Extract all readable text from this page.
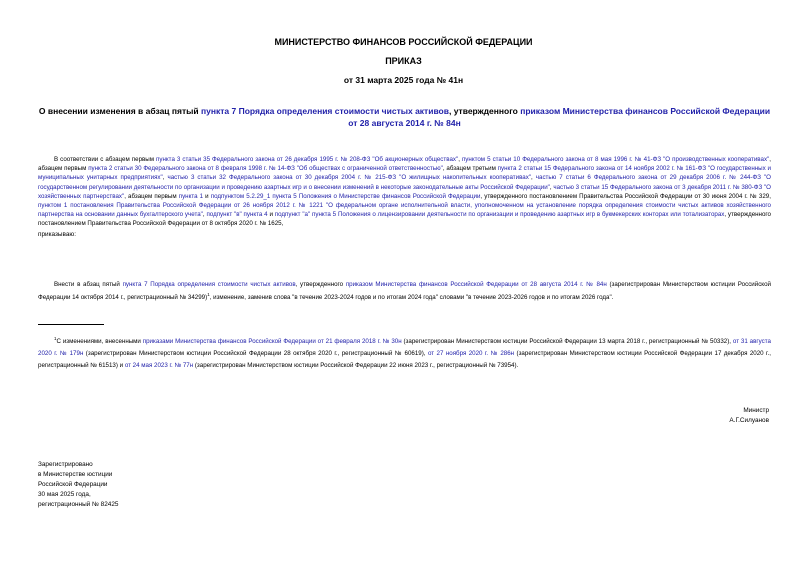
МИНИСТЕРСТВО ФИНАНСОВ РОССИЙСКОЙ ФЕДЕРАЦИИ
ПРИКАЗ
от 31 марта 2025 года № 41н
О внесении изменения в абзац пятый пункта 7 Порядка определения стоимости чистых активов, утвержденного приказом Министерства финансов Российской Федерации от 28 августа 2014 г. № 84н
В соответствии с абзацем первым пункта 3 статьи 35 Федерального закона от 26 декабря 1995 г. № 208-ФЗ "Об акционерных обществах", пунктом 5 статьи 10 Федерального закона от 8 мая 1996 г. № 41-ФЗ "О производственных кооперативах", абзацем первым пункта 2 статьи 30 Федерального закона от 8 февраля 1998 г. № 14-ФЗ "Об обществах с ограниченной ответственностью", абзацем третьим пункта 2 статьи 15 Федерального закона от 14 ноября 2002 г. № 161-ФЗ "О государственных и муниципальных унитарных предприятиях", частью 3 статьи 32 Федерального закона от 30 декабря 2004 г. № 215-ФЗ "О жилищных накопительных кооперативах", частью 7 статьи 6 Федерального закона от 29 декабря 2006 г. № 244-ФЗ "О государственном регулировании деятельности по организации и проведению азартных игр и о внесении изменений в некоторые законодательные акты Российской Федерации", частью 3 статьи 15 Федерального закона от 3 декабря 2011 г. № 380-ФЗ "О хозяйственных партнерствах", абзацем первым пункта 1 и подпунктом 5.2.29_1 пункта 5 Положения о Министерстве финансов Российской Федерации, утвержденного постановлением Правительства Российской Федерации от 30 июня 2004 г. № 329, пунктом 1 постановления Правительства Российской Федерации от 26 ноября 2012 г. № 1221 "О федеральном органе исполнительной власти, уполномоченном на установление порядка определения стоимости чистых активов хозяйственного партнерства на основании данных бухгалтерского учета", подпункт "в" пункта 4 и подпункт "а" пункта 5 Положения о лицензировании деятельности по организации и проведению азартных игр в букмекерских конторах или тотализаторах, утвержденного постановлением Правительства Российской Федерации от 8 октября 2020 г. № 1625,
приказываю:
Внести в абзац пятый пункта 7 Порядка определения стоимости чистых активов, утвержденного приказом Министерства финансов Российской Федерации от 28 августа 2014 г. № 84н (зарегистрирован Министерством юстиции Российской Федерации 14 октября 2014 г., регистрационный № 34299)$^1$, изменение, заменив слова "в течение 2023-2024 годов и по итогам 2024 года" словами "в течение 2023-2026 годов и по итогам 2026 года".
$^1$С изменениями, внесенными приказами Министерства финансов Российской Федерации от 21 февраля 2018 г. № 30н (зарегистрирован Министерством юстиции Российской Федерации 13 марта 2018 г., регистрационный № 50332), от 31 августа 2020 г. № 179н (зарегистрирован Министерством юстиции Российской Федерации 28 октября 2020 г., регистрационный № 60619), от 27 ноября 2020 г. № 286н (зарегистрирован Министерством юстиции Российской Федерации 17 декабря 2020 г., регистрационный № 61513) и от 24 мая 2023 г. № 77н (зарегистрирован Министерством юстиции Российской Федерации 22 июня 2023 г., регистрационный № 73954).
Министр
А.Г.Силуанов
Зарегистрировано
в Министерстве юстиции
Российской Федерации
30 мая 2025 года,
регистрационный № 82425
